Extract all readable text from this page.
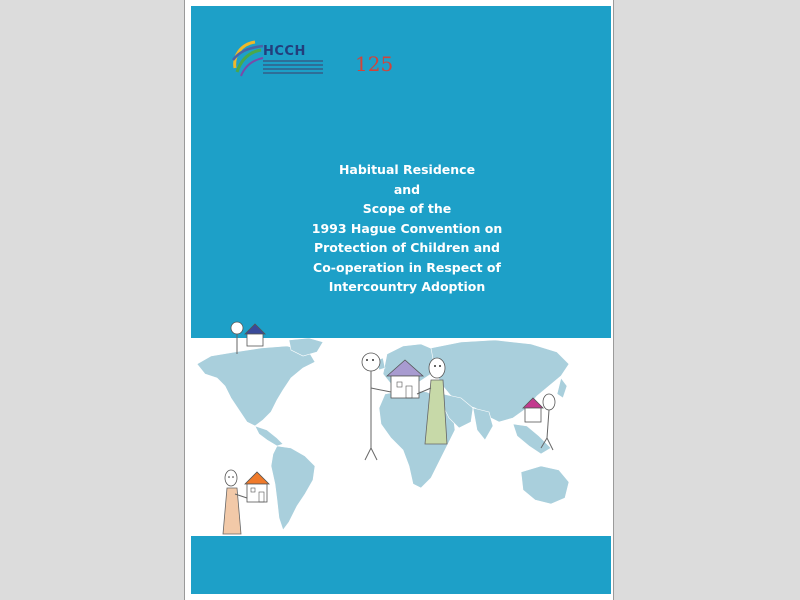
HCCH
125
Habitual Residence
and
Scope of the
1993 Hague Convention on
Protection of Children and
Co-operation in Respect of
Intercountry Adoption
